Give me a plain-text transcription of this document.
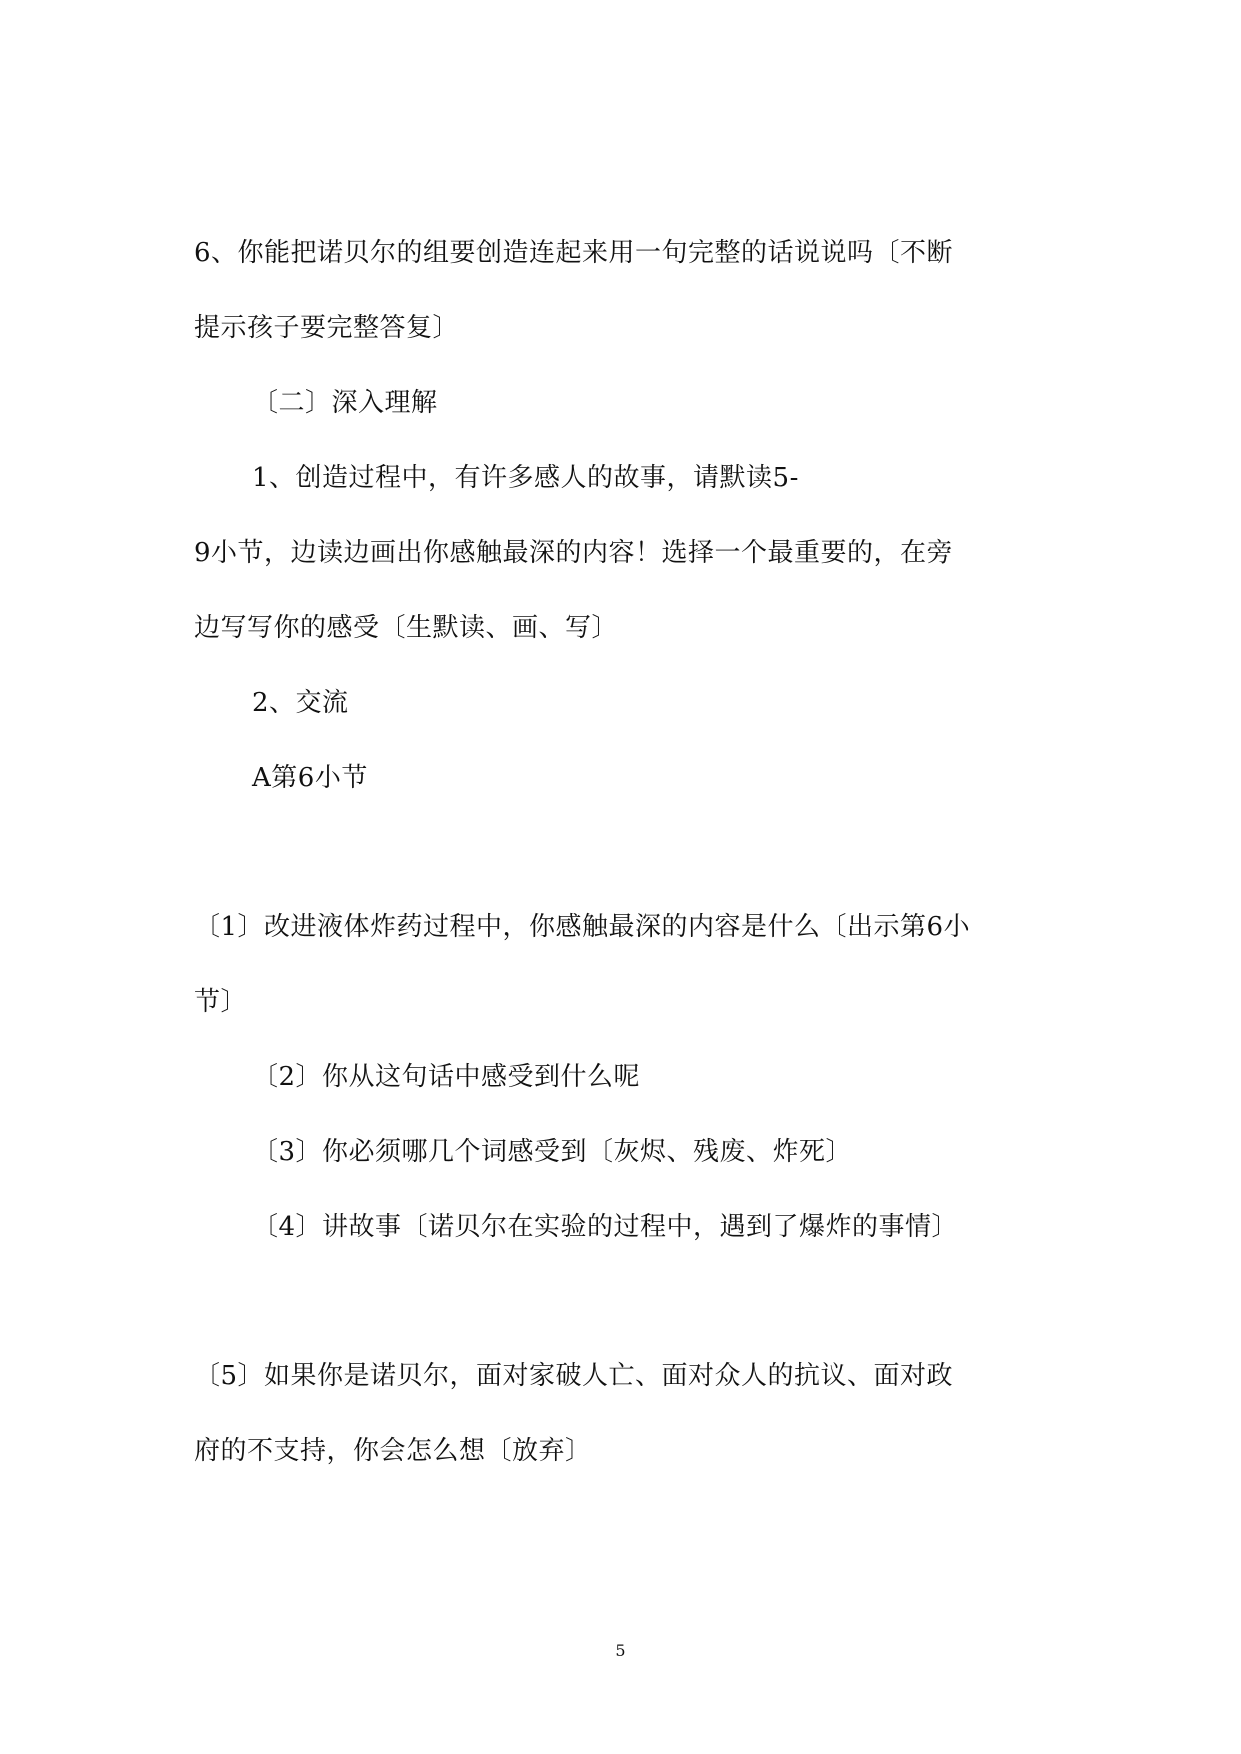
6、你能把诺贝尔的组要创造连起来用一句完整的话说说吗〔不断
提示孩子要完整答复〕
〔二〕深入理解
1、创造过程中，有许多感人的故事，请默读5-
9小节，边读边画出你感触最深的内容！选择一个最重要的，在旁
边写写你的感受〔生默读、画、写〕
2、交流
A第6小节
〔1〕改进液体炸药过程中，你感触最深的内容是什么〔出示第6小
节〕
〔2〕你从这句话中感受到什么呢
〔3〕你必须哪几个词感受到〔灰烬、残废、炸死〕
〔4〕讲故事〔诺贝尔在实验的过程中，遇到了爆炸的事情〕
〔5〕如果你是诺贝尔，面对家破人亡、面对众人的抗议、面对政
府的不支持，你会怎么想〔放弃〕
5
